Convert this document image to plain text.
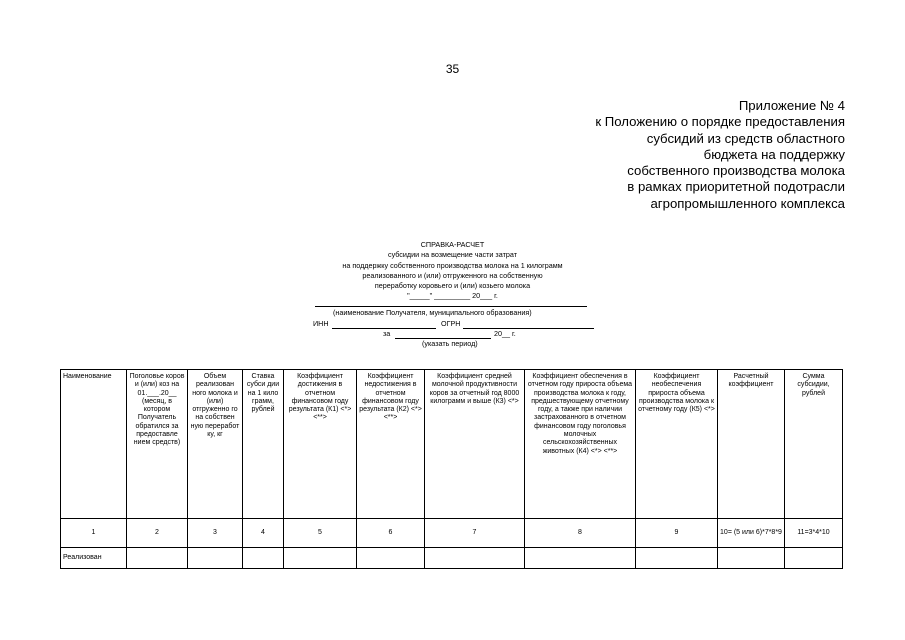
35
Приложение № 4
к Положению о порядке предоставления
субсидий из средств областного
бюджета на поддержку
собственного производства молока
в рамках приоритетной подотрасли
агропромышленного комплекса
СПРАВКА-РАСЧЕТ
субсидии на возмещение части затрат
на поддержку собственного производства молока на 1 килограмм
реализованного и (или) отгруженного на собственную
переработку коровьего и (или) козьего молока
"_____" _________ 20___ г.
(наименование Получателя, муниципального образования)
ИНН	ОГРН
за	20__ г.
(указать период)
Наименование	Поголовье коров и (или) коз на 01.___.20__ (месяц, в котором Получатель обратился за предоставле нием средств)	Объем реализован ного молока и (или) отгруженно го на собствен ную переработ ку, кг	Ставка субси дии на 1 кило грамм, рублей	Коэффициент достижения в отчетном финансовом году результата (К1) <*> <**>	Коэффициент недостижения в отчетном финансовом году результата (К2) <*> <**>	Коэффициент средней молочной продуктивности коров за отчетный год 8000 килограмм и выше (К3) <*>	Коэффициент обеспечения в отчетном году прироста объема производства молока к году, предшествующему отчетному году, а также при наличии застрахованного в отчетном финансовом году поголовья молочных сельскохозяйственных животных (К4) <*> <**>	Коэффициент необеспечения прироста объема производства молока к отчетному году (К5) <*>	Расчетный коэффициент	Сумма субсидии, рублей

1	2	3	4	5	6	7	8	9	10= (5 или 6)*7*8*9	11=3*4*10
Реализован										
